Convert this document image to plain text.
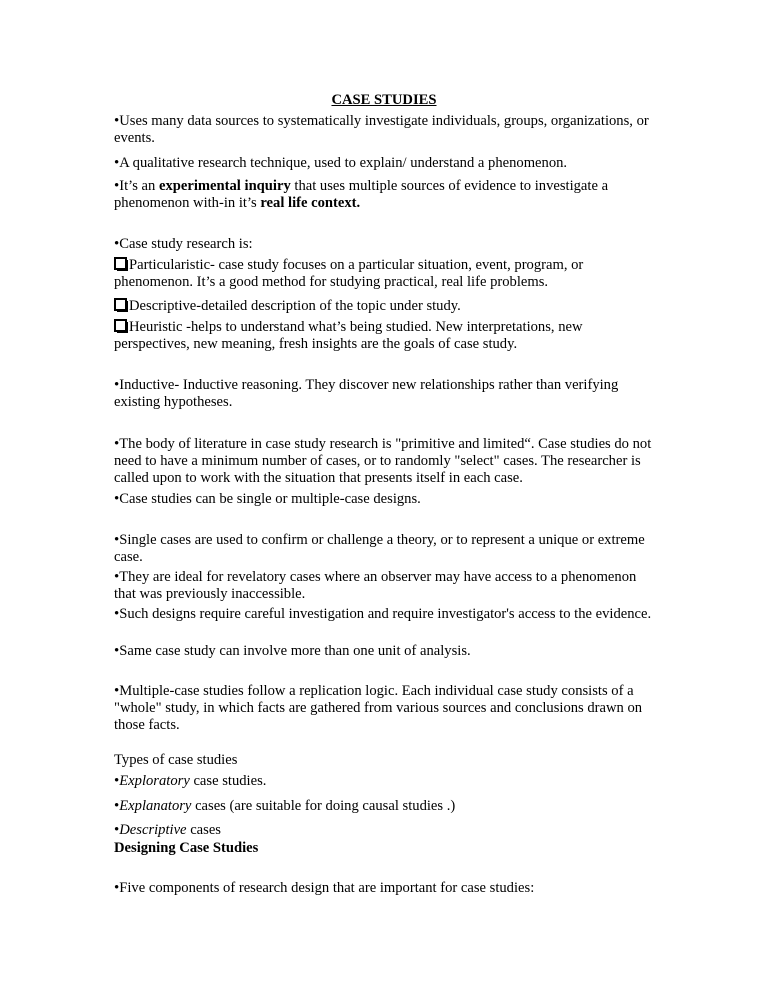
CASE STUDIES

• Uses many data sources to systematically investigate individuals, groups, organizations, or events.

• A qualitative research technique, used to explain/ understand a phenomenon.

• It’s an experimental inquiry that uses multiple sources of evidence to investigate a phenomenon with-in it’s real life context.

• Case study research is:

Particularistic- case study focuses on a particular situation, event, program, or phenomenon. It’s a good method for studying practical, real life problems.

Descriptive-detailed description of the topic under study.

Heuristic -helps to understand what’s being studied. New interpretations, new perspectives, new meaning, fresh insights are the goals of case study.

• Inductive- Inductive reasoning. They discover new relationships rather than verifying existing hypotheses.

• The body of literature in case study research is "primitive and limited“. Case studies do not need to have a minimum number of cases, or to randomly "select" cases. The researcher is called upon to work with the situation that presents itself in each case.

• Case studies can be single or multiple-case designs.

• Single cases are used to confirm or challenge a theory, or to represent a unique or extreme case.

• They are ideal for revelatory cases where an observer may have access to a phenomenon that was previously inaccessible.

• Such designs require careful investigation and require investigator's access to the evidence.

• Same case study can involve more than one unit of analysis.

• Multiple-case studies follow a replication logic. Each individual case study consists of a "whole" study, in which facts are gathered from various sources and conclusions drawn on those facts.

Types of case studies

• Exploratory case studies.

• Explanatory cases (are suitable for doing causal studies .)

• Descriptive cases

Designing Case Studies

• Five components of research design that are important for case studies:
